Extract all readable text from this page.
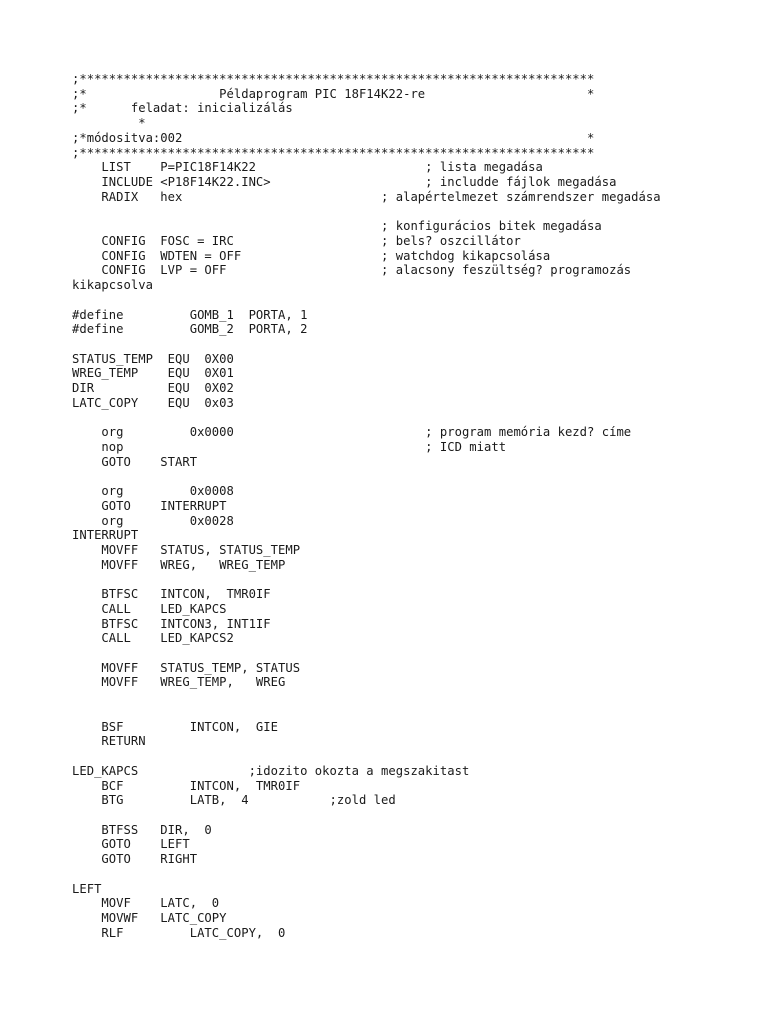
;**********************************************************************
;*                  Példaprogram PIC 18F14K22-re                      *
;*      feladat: inicializálás
*
;*módositva:002                                                       *
;**********************************************************************
LIST    P=PIC18F14K22                       ; lista megadása
INCLUDE <P18F14K22.INC>                     ; includde fájlok megadása
RADIX   hex                           ; alapértelmezet számrendszer megadása
; konfigurácios bitek megadása
CONFIG  FOSC = IRC                    ; bels? oszcillátor
CONFIG  WDTEN = OFF                   ; watchdog kikapcsolása
CONFIG  LVP = OFF                     ; alacsony feszültség? programozás
kikapcsolva
#define         GOMB_1  PORTA, 1
#define         GOMB_2  PORTA, 2
STATUS_TEMP  EQU  0X00
WREG_TEMP    EQU  0X01
DIR          EQU  0X02
LATC_COPY    EQU  0x03
org         0x0000                          ; program memória kezd? címe
nop                                         ; ICD miatt
GOTO    START
org         0x0008
GOTO    INTERRUPT
org         0x0028
INTERRUPT
MOVFF   STATUS, STATUS_TEMP
MOVFF   WREG,   WREG_TEMP
BTFSC   INTCON,  TMR0IF
CALL    LED_KAPCS
BTFSC   INTCON3, INT1IF
CALL    LED_KAPCS2
MOVFF   STATUS_TEMP, STATUS
MOVFF   WREG_TEMP,   WREG
BSF         INTCON,  GIE
RETURN
LED_KAPCS               ;idozito okozta a megszakitast
BCF         INTCON,  TMR0IF
BTG         LATB,  4           ;zold led
BTFSS   DIR,  0
GOTO    LEFT
GOTO    RIGHT
LEFT
MOVF    LATC,  0
MOVWF   LATC_COPY
RLF         LATC_COPY,  0
